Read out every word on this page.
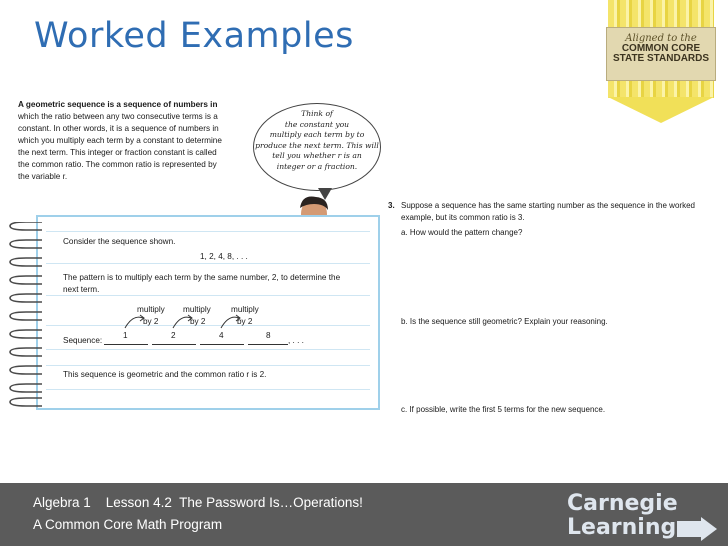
Worked Examples	Aligned to the
COMMON CORE
STATE STANDARDS
A geometric sequence is a sequence of numbers in
which the ratio between any two consecutive terms is a
constant. In other words, it is a sequence of numbers in
which you multiply each term by a constant to determine
the next term. This integer or fraction constant is called
the common ratio. The common ratio is represented by
the variable r.
Think of
the constant you
multiply each term by to
produce the next term. This will
tell you whether r is an
integer or a fraction.
Consider the sequence shown.
1, 2, 4, 8, . . .
The pattern is to multiply each term by the same number, 2, to determine the
next term.
multiply multiply multiply
by 2	by 2	by 2
Sequence:
1	2	4	8
, . . .
This sequence is geometric and the common ratio r is 2.
3. Suppose a sequence has the same starting number as the sequence in the worked
example, but its common ratio is 3.
a. How would the pattern change?
b. Is the sequence still geometric? Explain your reasoning.
c. If possible, write the first 5 terms for the new sequence.
Algebra 1    Lesson 4.2  The Password Is…Operations!
A Common Core Math Program
Carnegie
Learning
